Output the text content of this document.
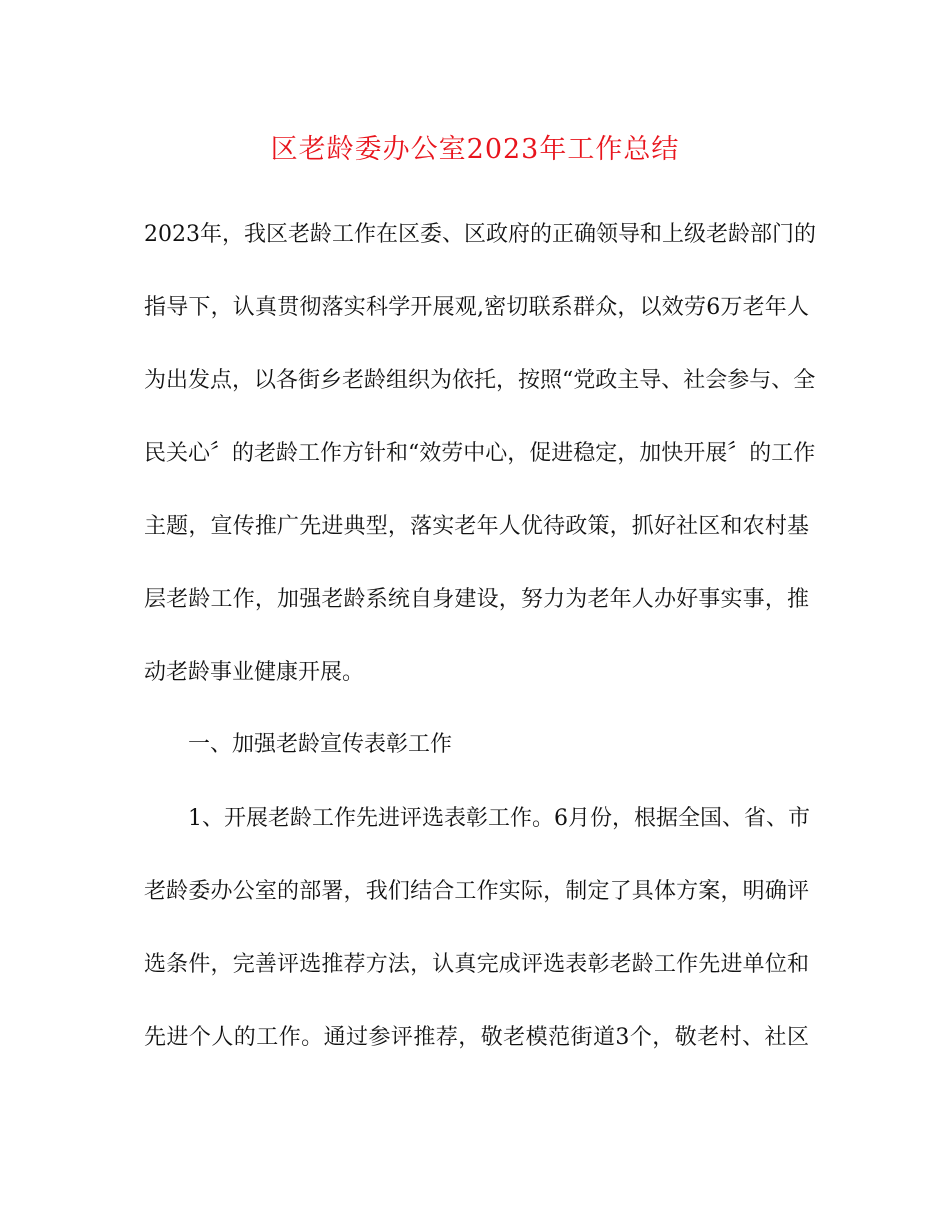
区老龄委办公室2023年工作总结
2023年，我区老龄工作在区委、区政府的正确领导和上级老龄部门的
指导下，认真贯彻落实科学开展观,密切联系群众，以效劳6万老年人
为出发点，以各街乡老龄组织为依托，按照“党政主导、社会参与、全
民关心〞的老龄工作方针和“效劳中心，促进稳定，加快开展〞的工作
主题，宣传推广先进典型，落实老年人优待政策，抓好社区和农村基
层老龄工作，加强老龄系统自身建设，努力为老年人办好事实事，推
动老龄事业健康开展。
一、加强老龄宣传表彰工作
1、开展老龄工作先进评选表彰工作。6月份，根据全国、省、市
老龄委办公室的部署，我们结合工作实际，制定了具体方案，明确评
选条件，完善评选推荐方法，认真完成评选表彰老龄工作先进单位和
先进个人的工作。通过参评推荐，敬老模范街道3个，敬老村、社区
